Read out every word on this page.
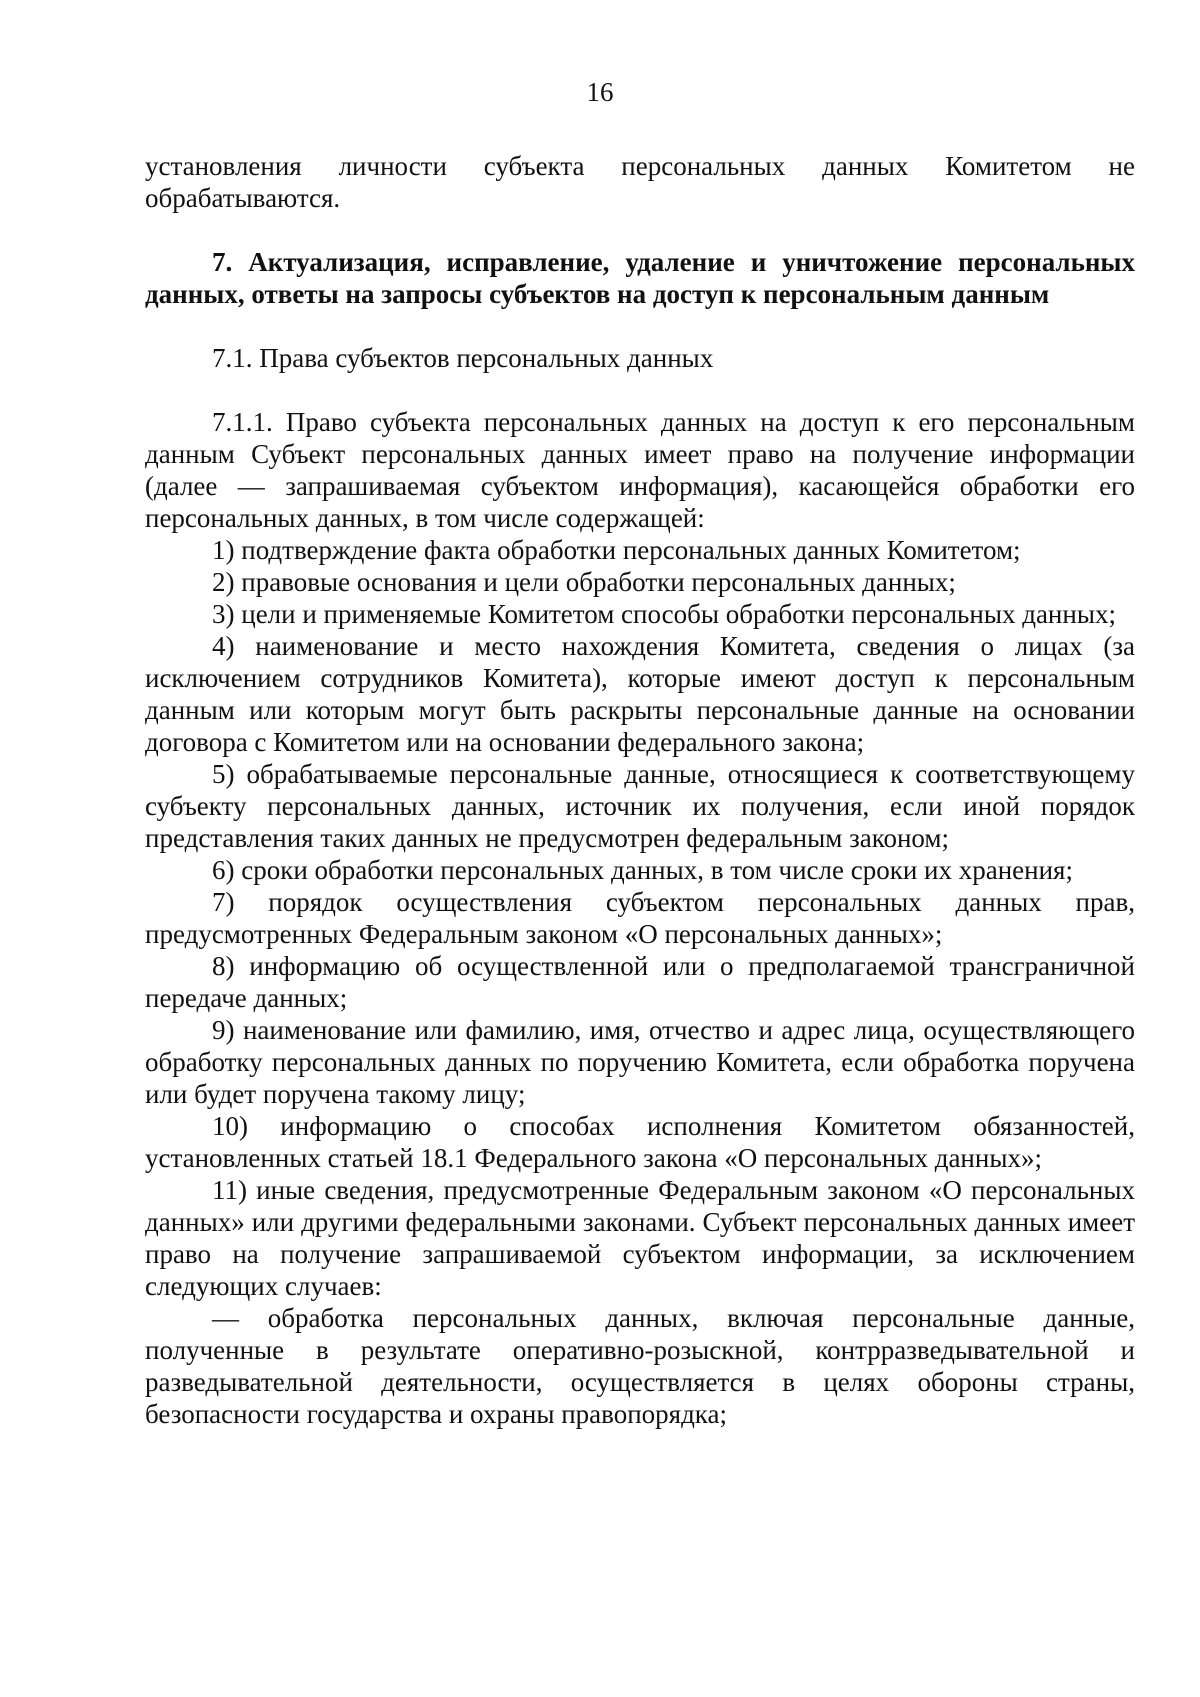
16

установления личности субъекта персональных данных Комитетом не обрабатываются.

7. Актуализация, исправление, удаление и уничтожение персональных данных, ответы на запросы субъектов на доступ к персональным данным

7.1. Права субъектов персональных данных

7.1.1. Право субъекта персональных данных на доступ к его персональным данным Субъект персональных данных имеет право на получение информации (далее — запрашиваемая субъектом информация), касающейся обработки его персональных данных, в том числе содержащей:

1) подтверждение факта обработки персональных данных Комитетом;

2) правовые основания и цели обработки персональных данных;

3) цели и применяемые Комитетом способы обработки персональных данных;

4) наименование и место нахождения Комитета, сведения о лицах (за исключением сотрудников Комитета), которые имеют доступ к персональным данным или которым могут быть раскрыты персональные данные на основании договора с Комитетом или на основании федерального закона;

5) обрабатываемые персональные данные, относящиеся к соответствующему субъекту персональных данных, источник их получения, если иной порядок представления таких данных не предусмотрен федеральным законом;

6) сроки обработки персональных данных, в том числе сроки их хранения;

7) порядок осуществления субъектом персональных данных прав, предусмотренных Федеральным законом «О персональных данных»;

8) информацию об осуществленной или о предполагаемой трансграничной передаче данных;

9) наименование или фамилию, имя, отчество и адрес лица, осуществляющего обработку персональных данных по поручению Комитета, если обработка поручена или будет поручена такому лицу;

10) информацию о способах исполнения Комитетом обязанностей, установленных статьей 18.1 Федерального закона «О персональных данных»;

11) иные сведения, предусмотренные Федеральным законом «О персональных данных» или другими федеральными законами. Субъект персональных данных имеет право на получение запрашиваемой субъектом информации, за исключением следующих случаев:

— обработка персональных данных, включая персональные данные, полученные в результате оперативно-розыскной, контрразведывательной и разведывательной деятельности, осуществляется в целях обороны страны, безопасности государства и охраны правопорядка;
